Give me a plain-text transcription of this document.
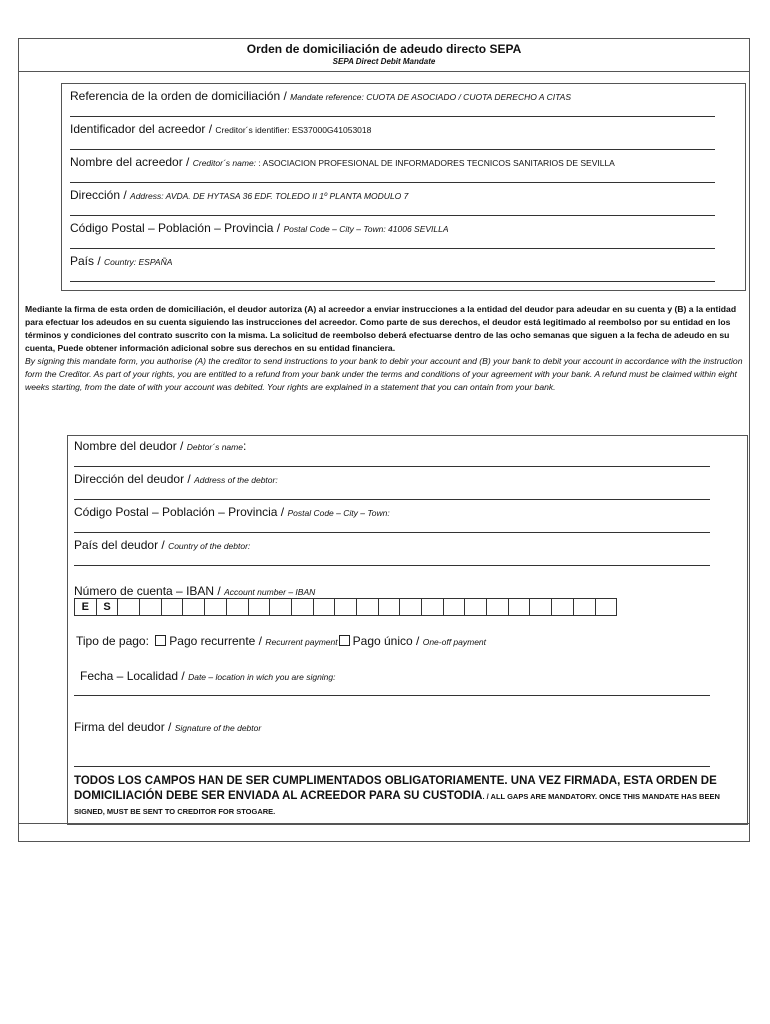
Orden de domiciliación de adeudo directo SEPA
SEPA Direct Debit Mandate
Referencia de la orden de domiciliación / Mandate reference: CUOTA DE ASOCIADO / CUOTA DERECHO A CITAS
Identificador del acreedor / Creditor´s identifier: ES37000G41053018
Nombre del acreedor / Creditor´s name: : ASOCIACION PROFESIONAL DE INFORMADORES TECNICOS SANITARIOS DE SEVILLA
Dirección / Address: AVDA. DE HYTASA 36 EDF. TOLEDO II 1º PLANTA MODULO 7
Código Postal – Población – Provincia / Postal Code – City – Town: 41006 SEVILLA
País / Country: ESPAÑA
Mediante la firma de esta orden de domiciliación, el deudor autoriza (A) al acreedor a enviar instrucciones a la entidad del deudor para adeudar en su cuenta y (B) a la entidad para efectuar los adeudos en su cuenta siguiendo las instrucciones del acreedor. Como parte de sus derechos, el deudor está legitimado al reembolso por su entidad en los términos y condiciones del contrato suscrito con la misma. La solicitud de reembolso deberá efectuarse dentro de las ocho semanas que siguen a la fecha de adeudo en su cuenta, Puede obtener información adicional sobre sus derechos en su entidad financiera.
By signing this mandate form, you authorise (A) the creditor to send instructions to your bank to debir your account and (B) your bank to debit your account in accordance with the instruction form the Creditor. As part of your rights, you are entitled to a refund from your bank under the terms and conditions of your agreement with your bank. A refund must be claimed within eight weeks starting, from the date of with your account was debited. Your rights are explained in a statement that you can ontain from your bank.
Nombre del deudor / Debtor´s name:
Dirección del deudor / Address of the debtor:
Código Postal – Población – Provincia / Postal Code – City – Town:
País del deudor / Country of the debtor:
Número de cuenta – IBAN / Account number – IBAN
E	S
Tipo de pago: Pago recurrente / Recurrent payment Pago único / One-off payment
Fecha – Localidad / Date – location in wich you are signing:
Firma del deudor / Signature of the debtor
TODOS LOS CAMPOS HAN DE SER CUMPLIMENTADOS OBLIGATORIAMENTE. UNA VEZ FIRMADA, ESTA ORDEN DE DOMICILIACIÓN DEBE SER ENVIADA AL ACREEDOR PARA SU CUSTODIA. / ALL GAPS ARE MANDATORY. ONCE THIS MANDATE HAS BEEN SIGNED, MUST BE SENT TO CREDITOR FOR STOGARE.
